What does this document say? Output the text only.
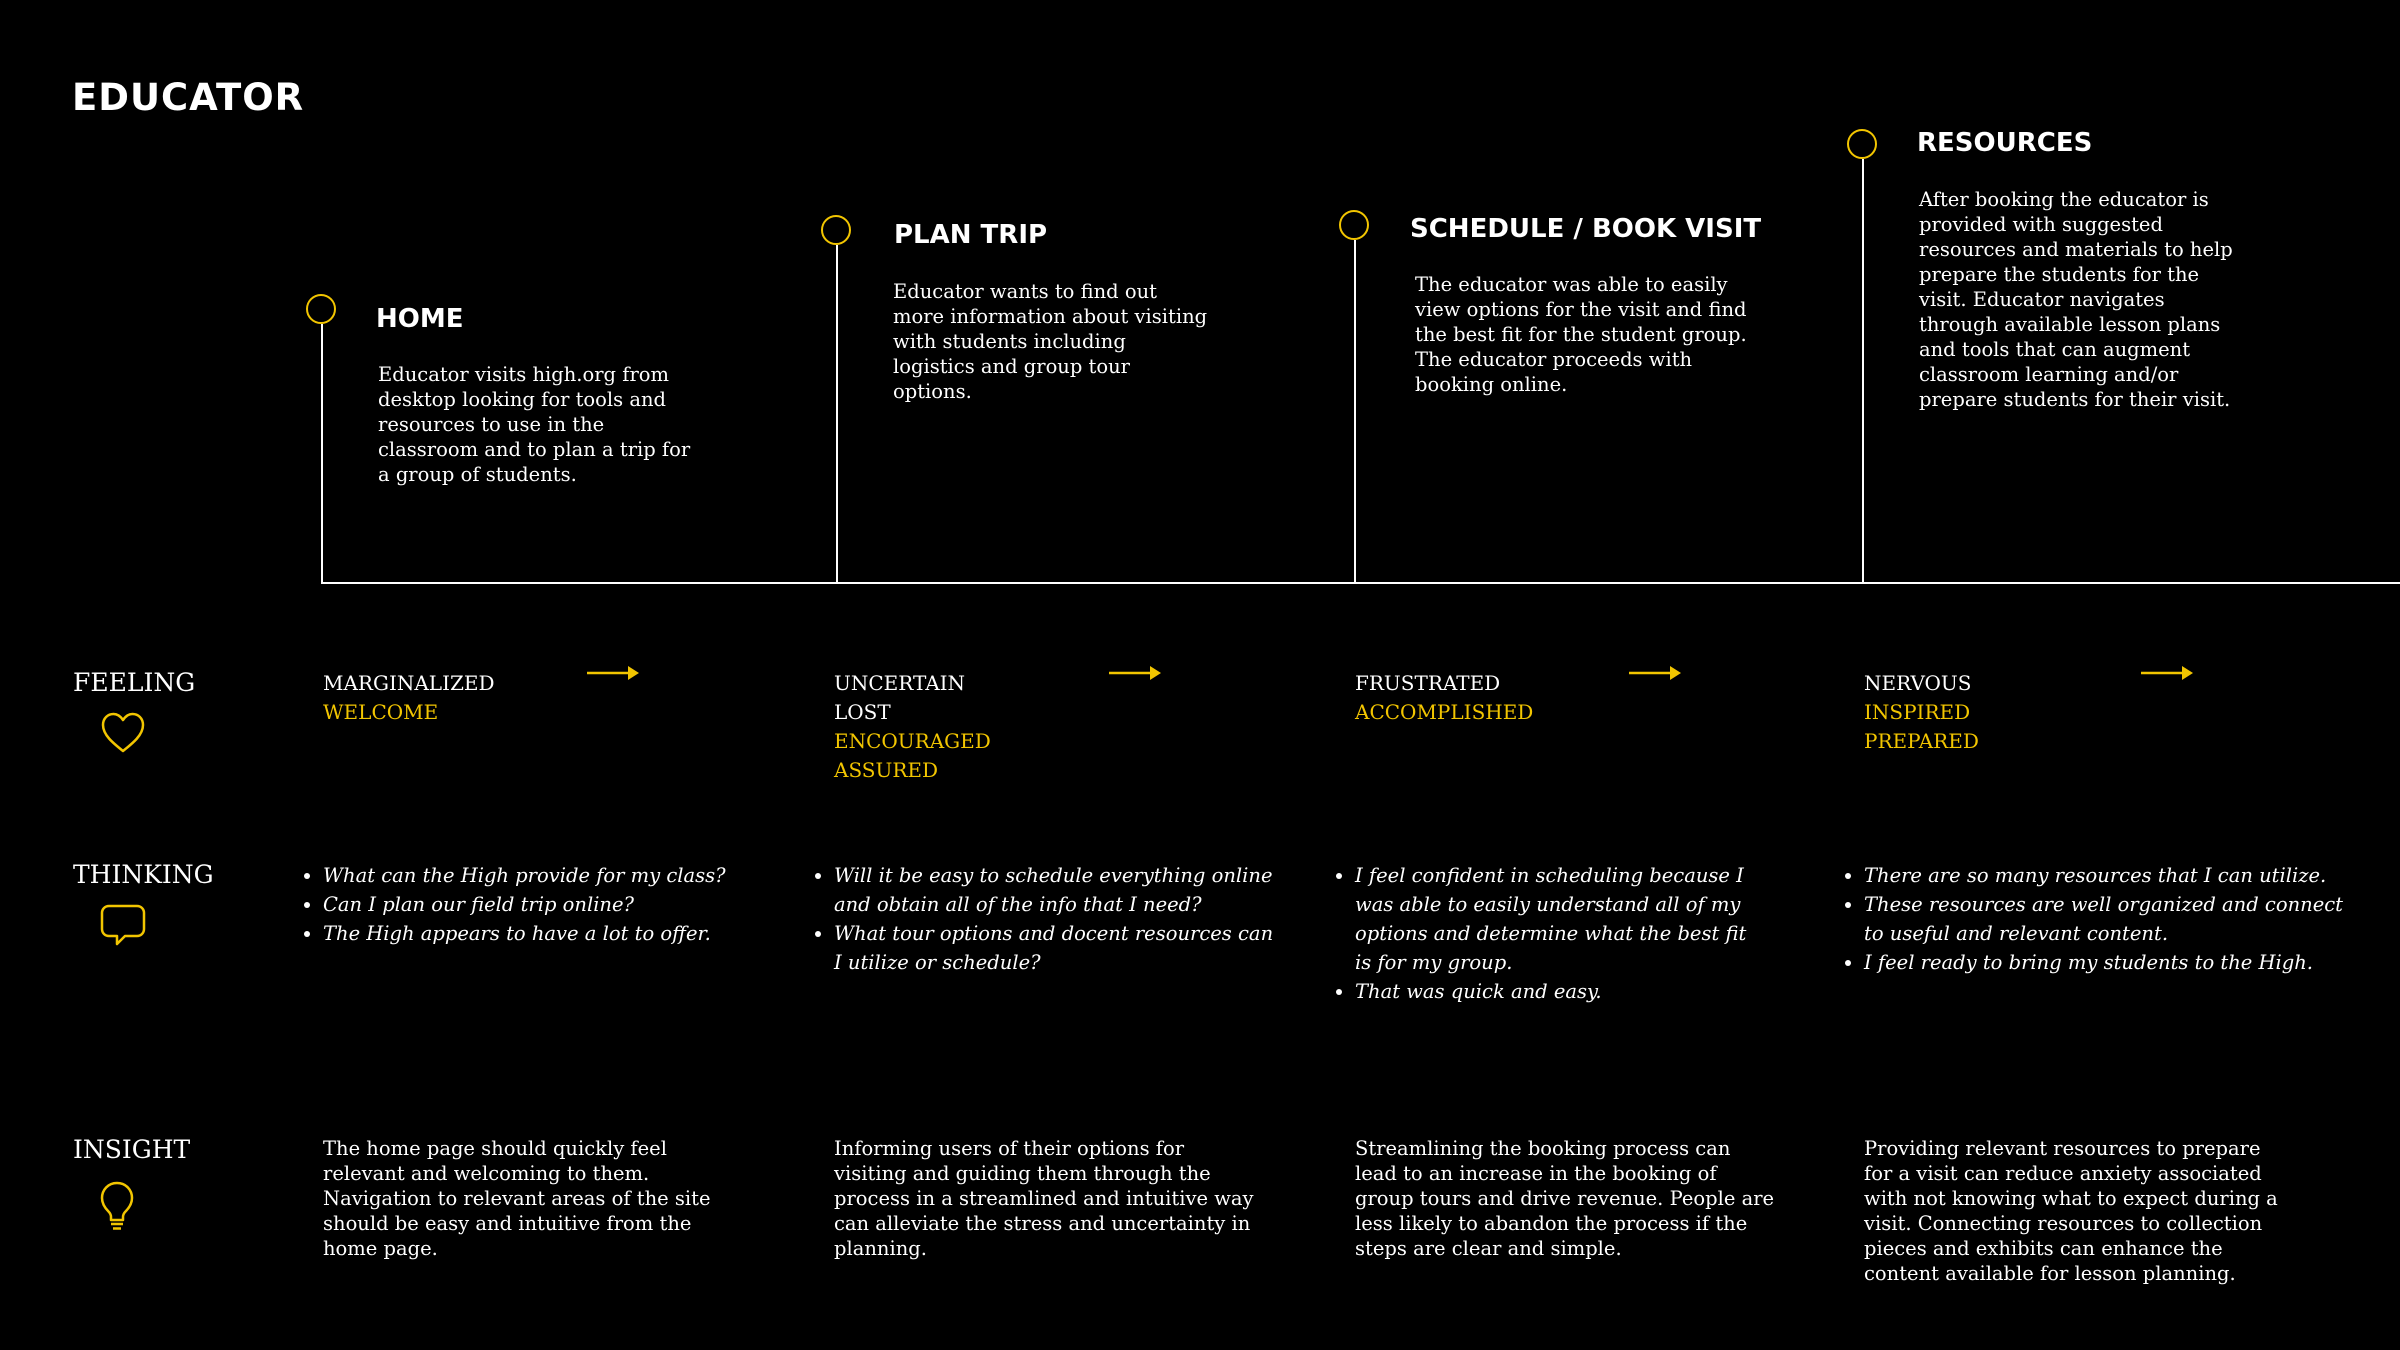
EDUCATOR
HOME
Educator visits high.org from desktop looking for tools and resources to use in the classroom and to plan a trip for a group of students.
PLAN TRIP
Educator wants to find out more information about visiting with students including logistics and group tour options.
SCHEDULE / BOOK VISIT
The educator was able to easily view options for the visit and find the best fit for the student group. The educator proceeds with booking online.
RESOURCES
After booking the educator is provided with suggested resources and materials to help prepare the students for the visit. Educator navigates through available lesson plans and tools that can augment classroom learning and/or prepare students for their visit.
FEELING	MARGINALIZED
WELCOME
UNCERTAIN
LOST
ENCOURAGED
ASSURED
FRUSTRATED
ACCOMPLISHED
NERVOUS
INSPIRED
PREPARED
THINKING
•	What can the High provide for my class?
• Can I plan our field trip online?
• The High appears to have a lot to offer.
• Will it be easy to schedule everything online and obtain all of the info that I need?
• What tour options and docent resources can I utilize or schedule?
• I feel confident in scheduling because I was able to easily understand all of my options and determine what the best fit is for my group.
• That was quick and easy.
• There are so many resources that I can utilize.
• These resources are well organized and connect to useful and relevant content.
• I feel ready to bring my students to the High.
INSIGHT	The home page should quickly feel relevant and welcoming to them. Navigation to relevant areas of the site should be easy and intuitive from the home page.
Informing users of their options for visiting and guiding them through the process in a streamlined and intuitive way can alleviate the stress and uncertainty in planning.
Streamlining the booking process can lead to an increase in the booking of group tours and drive revenue. People are less likely to abandon the process if the steps are clear and simple.
Providing relevant resources to prepare for a visit can reduce anxiety associated with not knowing what to expect during a visit. Connecting resources to collection pieces and exhibits can enhance the content available for lesson planning.
